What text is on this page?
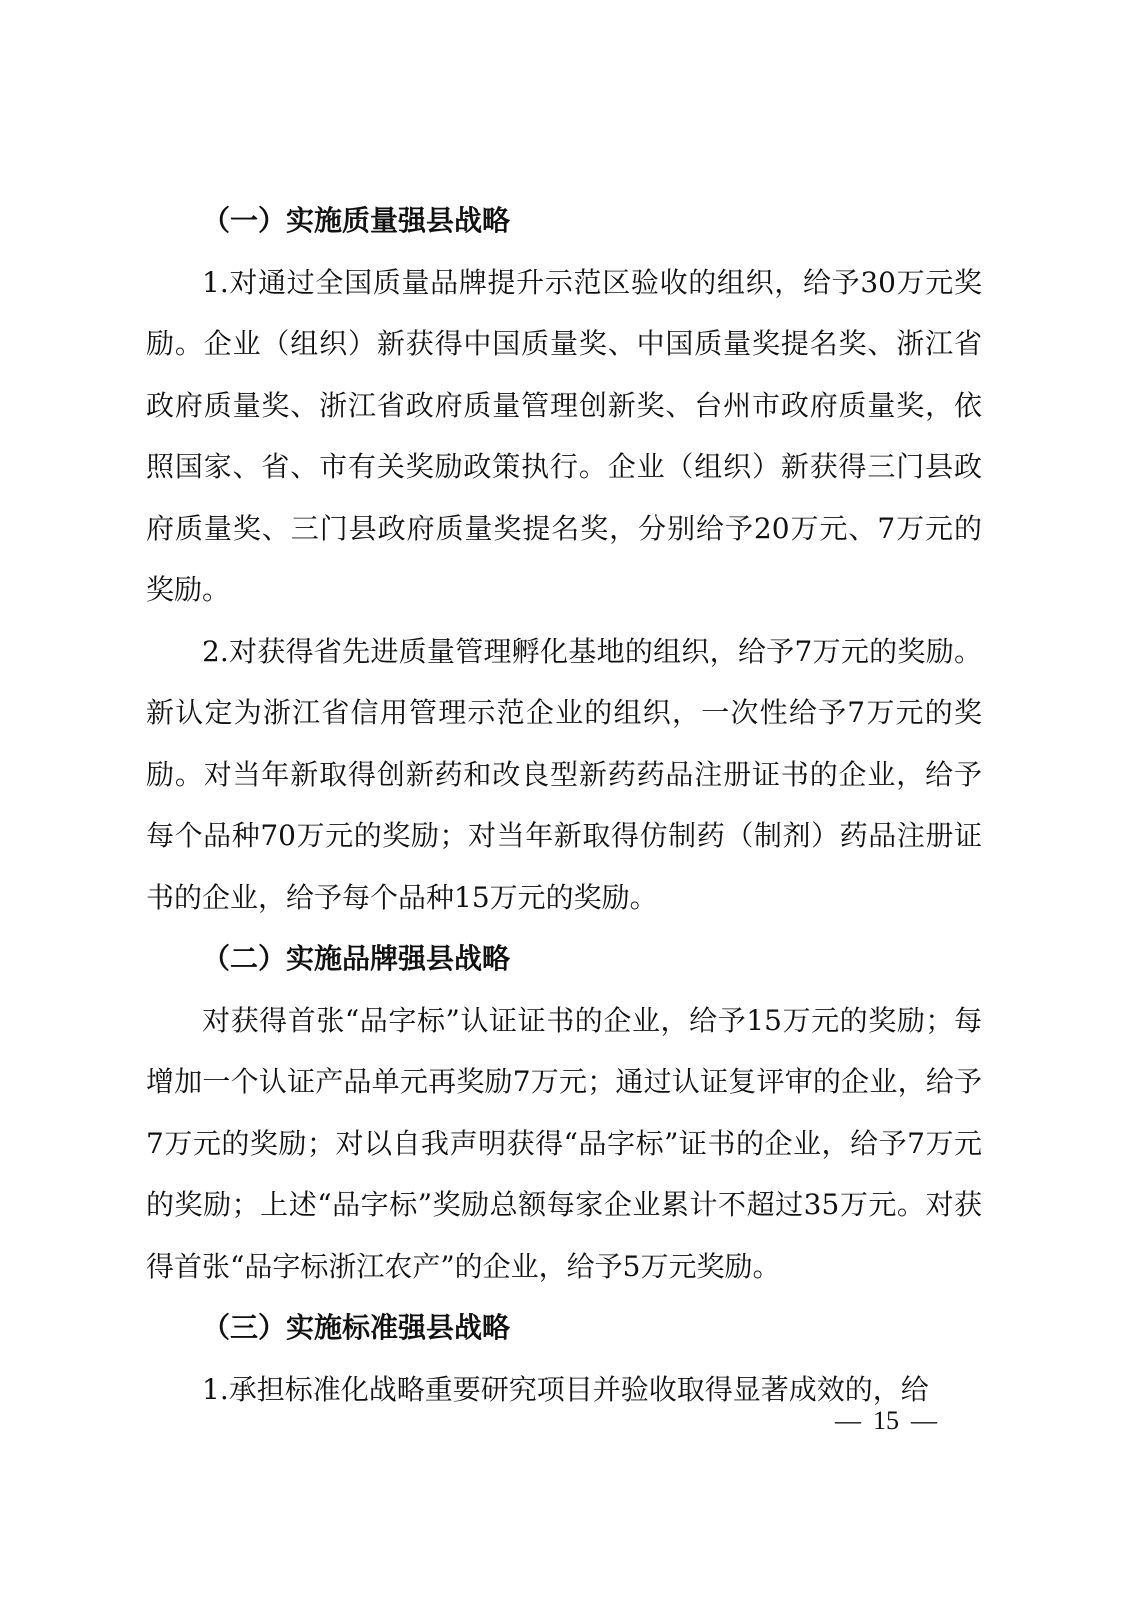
（一）实施质量强县战略

1.对通过全国质量品牌提升示范区验收的组织，给予30万元奖励。企业（组织）新获得中国质量奖、中国质量奖提名奖、浙江省政府质量奖、浙江省政府质量管理创新奖、台州市政府质量奖，依照国家、省、市有关奖励政策执行。企业（组织）新获得三门县政府质量奖、三门县政府质量奖提名奖，分别给予20万元、7万元的奖励。

2.对获得省先进质量管理孵化基地的组织，给予7万元的奖励。新认定为浙江省信用管理示范企业的组织，一次性给予7万元的奖励。对当年新取得创新药和改良型新药药品注册证书的企业，给予每个品种70万元的奖励；对当年新取得仿制药（制剂）药品注册证书的企业，给予每个品种15万元的奖励。

（二）实施品牌强县战略

对获得首张“品字标”认证证书的企业，给予15万元的奖励；每增加一个认证产品单元再奖励7万元；通过认证复评审的企业，给予7万元的奖励；对以自我声明获得“品字标”证书的企业，给予7万元的奖励；上述“品字标”奖励总额每家企业累计不超过35万元。对获得首张“品字标浙江农产”的企业，给予5万元奖励。

（三）实施标准强县战略

1.承担标准化战略重要研究项目并验收取得显著成效的，给

— 15 —
